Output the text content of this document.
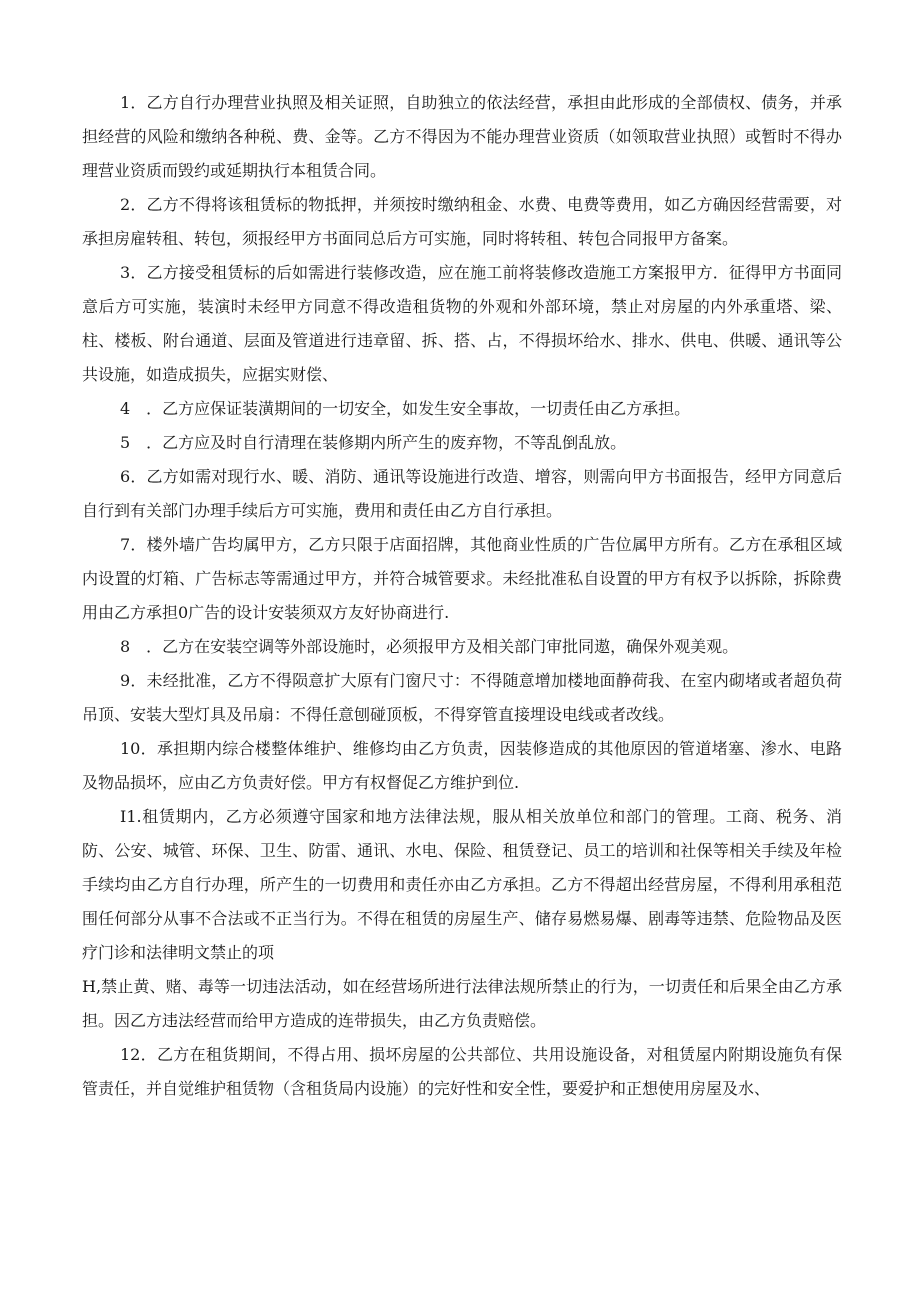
1．乙方自行办理营业执照及相关证照，自助独立的依法经营，承担由此形成的全部债权、债务，并承担经营的风险和缴纳各种税、费、金等。乙方不得因为不能办理营业资质（如领取营业执照）或暂时不得办理营业资质而毁约或延期执行本租赁合同。

2．乙方不得将该租赁标的物抵押，并须按时缴纳租金、水费、电费等费用，如乙方确因经营需要，对承担房雇转租、转包，须报经甲方书面同总后方可实施，同时将转租、转包合同报甲方备案。

3．乙方接受租赁标的后如需进行装修改造，应在施工前将装修改造施工方案报甲方．征得甲方书面同意后方可实施，装演时未经甲方同意不得改造租货物的外观和外部环境，禁止对房屋的内外承重塔、梁、柱、楼板、附台通道、层面及管道进行违章留、拆、搭、占，不得损坏给水、排水、供电、供暖、通讯等公共设施，如造成损失，应据实财偿、

4　．乙方应保证装潢期间的一切安全，如发生安全事故，一切责任由乙方承担。

5　．乙方应及时自行清理在装修期内所产生的废弃物，不等乱倒乱放。

6．乙方如需对现行水、暖、消防、通讯等设施进行改造、增容，则需向甲方书面报告，经甲方同意后自行到有关部门办理手续后方可实施，费用和责任由乙方自行承担。

7．楼外墙广告均属甲方，乙方只限于店面招牌，其他商业性质的广告位属甲方所有。乙方在承租区域内设置的灯箱、广告标志等需通过甲方，并符合城管要求。未经批准私自设置的甲方有权予以拆除，拆除费用由乙方承担0广告的设计安装须双方友好协商进行.

8　．乙方在安装空调等外部设施时，必须报甲方及相关部门审批同遨，确保外观美观。

9．未经批准，乙方不得陨意扩大原有门窗尺寸：不得随意增加楼地面静荷我、在室内砌堵或者超负荷吊顶、安装大型灯具及吊扇：不得任意刨碰顶板，不得穿管直接埋设电线或者改线。

10．承担期内综合楼整体维护、维修均由乙方负责，因装修造成的其他原因的管道堵塞、渗水、电路及物品损坏，应由乙方负责好偿。甲方有权督促乙方维护到位.

I1.租赁期内，乙方必须遵守国家和地方法律法规，服从相关放单位和部门的管理。工商、税务、消防、公安、城管、环保、卫生、防雷、通讯、水电、保险、租赁登记、员工的培训和社保等相关手续及年检手续均由乙方自行办理，所产生的一切费用和责任亦由乙方承担。乙方不得超出经营房屋，不得利用承租范围任何部分从事不合法或不正当行为。不得在租赁的房屋生产、储存易燃易爆、剧毒等违禁、危险物品及医疗门诊和法律明文禁止的项

H,禁止黄、赌、毒等一切违法活动，如在经营场所进行法律法规所禁止的行为，一切责任和后果全由乙方承担。因乙方违法经营而给甲方造成的连带损失，由乙方负责赔偿。

12．乙方在租货期间，不得占用、损坏房屋的公共部位、共用设施设备，对租赁屋内附期设施负有保管责任，并自觉维护租赁物（含租货局内设施）的完好性和安全性，要爱护和正想使用房屋及水、
